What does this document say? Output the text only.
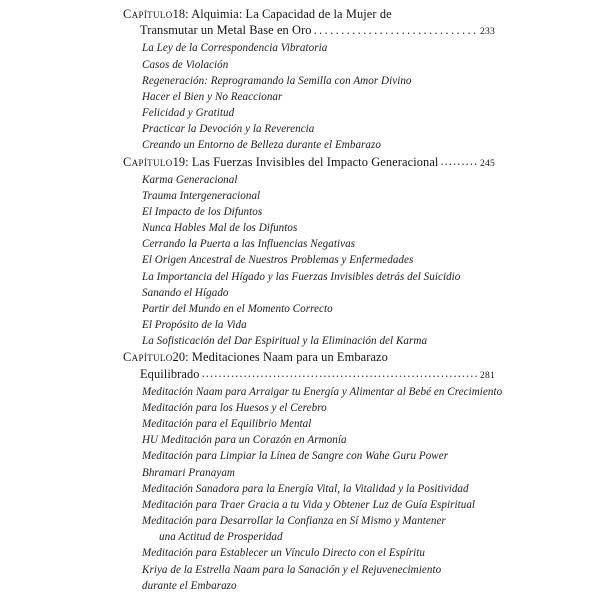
Capítulo18: Alquimia: La Capacidad de la Mujer de
Transmutar un Metal Base en Oro .....	233
La Ley de la Correspondencia Vibratoria
Casos de Violación
Regeneración: Reprogramando la Semilla con Amor Divino
Hacer el Bien y No Reaccionar
Felicidad y Gratitud
Practicar la Devoción y la Reverencia
Creando un Entorno de Belleza durante el Embarazo
Capítulo19: Las Fuerzas Invisibles del Impacto Generacional .....	245
Karma Generacional
Trauma Intergeneracional
El Impacto de los Difuntos
Nunca Hables Mal de los Difuntos
Cerrando la Puerta a las Influencias Negativas
El Origen Ancestral de Nuestros Problemas y Enfermedades
La Importancia del Hígado y las Fuerzas Invisibles detrás del Suicidio
Sanando el Hígado
Partir del Mundo en el Momento Correcto
El Propósito de la Vida
La Sofisticación del Dar Espiritual y la Eliminación del Karma
Capítulo20: Meditaciones Naam para un Embarazo
Equilibrado .....	281
Meditación Naam para Arraigar tu Energía y Alimentar al Bebé en Crecimiento
Meditación para los Huesos y el Cerebro
Meditación para el Equilibrio Mental
HU Meditación para un Corazón en Armonía
Meditación para Limpiar la Línea de Sangre con Wahe Guru Power
Bhramari Pranayam
Meditación Sanadora para la Energía Vital, la Vitalidad y la Positividad
Meditación para Traer Gracia a tu Vida y Obtener Luz de Guía Espiritual
Meditación para Desarrollar la Confianza en Sí Mismo y Mantener
una Actitud de Prosperidad
Meditación para Establecer un Vínculo Directo con el Espíritu
Kriya de la Estrella Naam para la Sanación y el Rejuvenecimiento
durante el Embarazo
